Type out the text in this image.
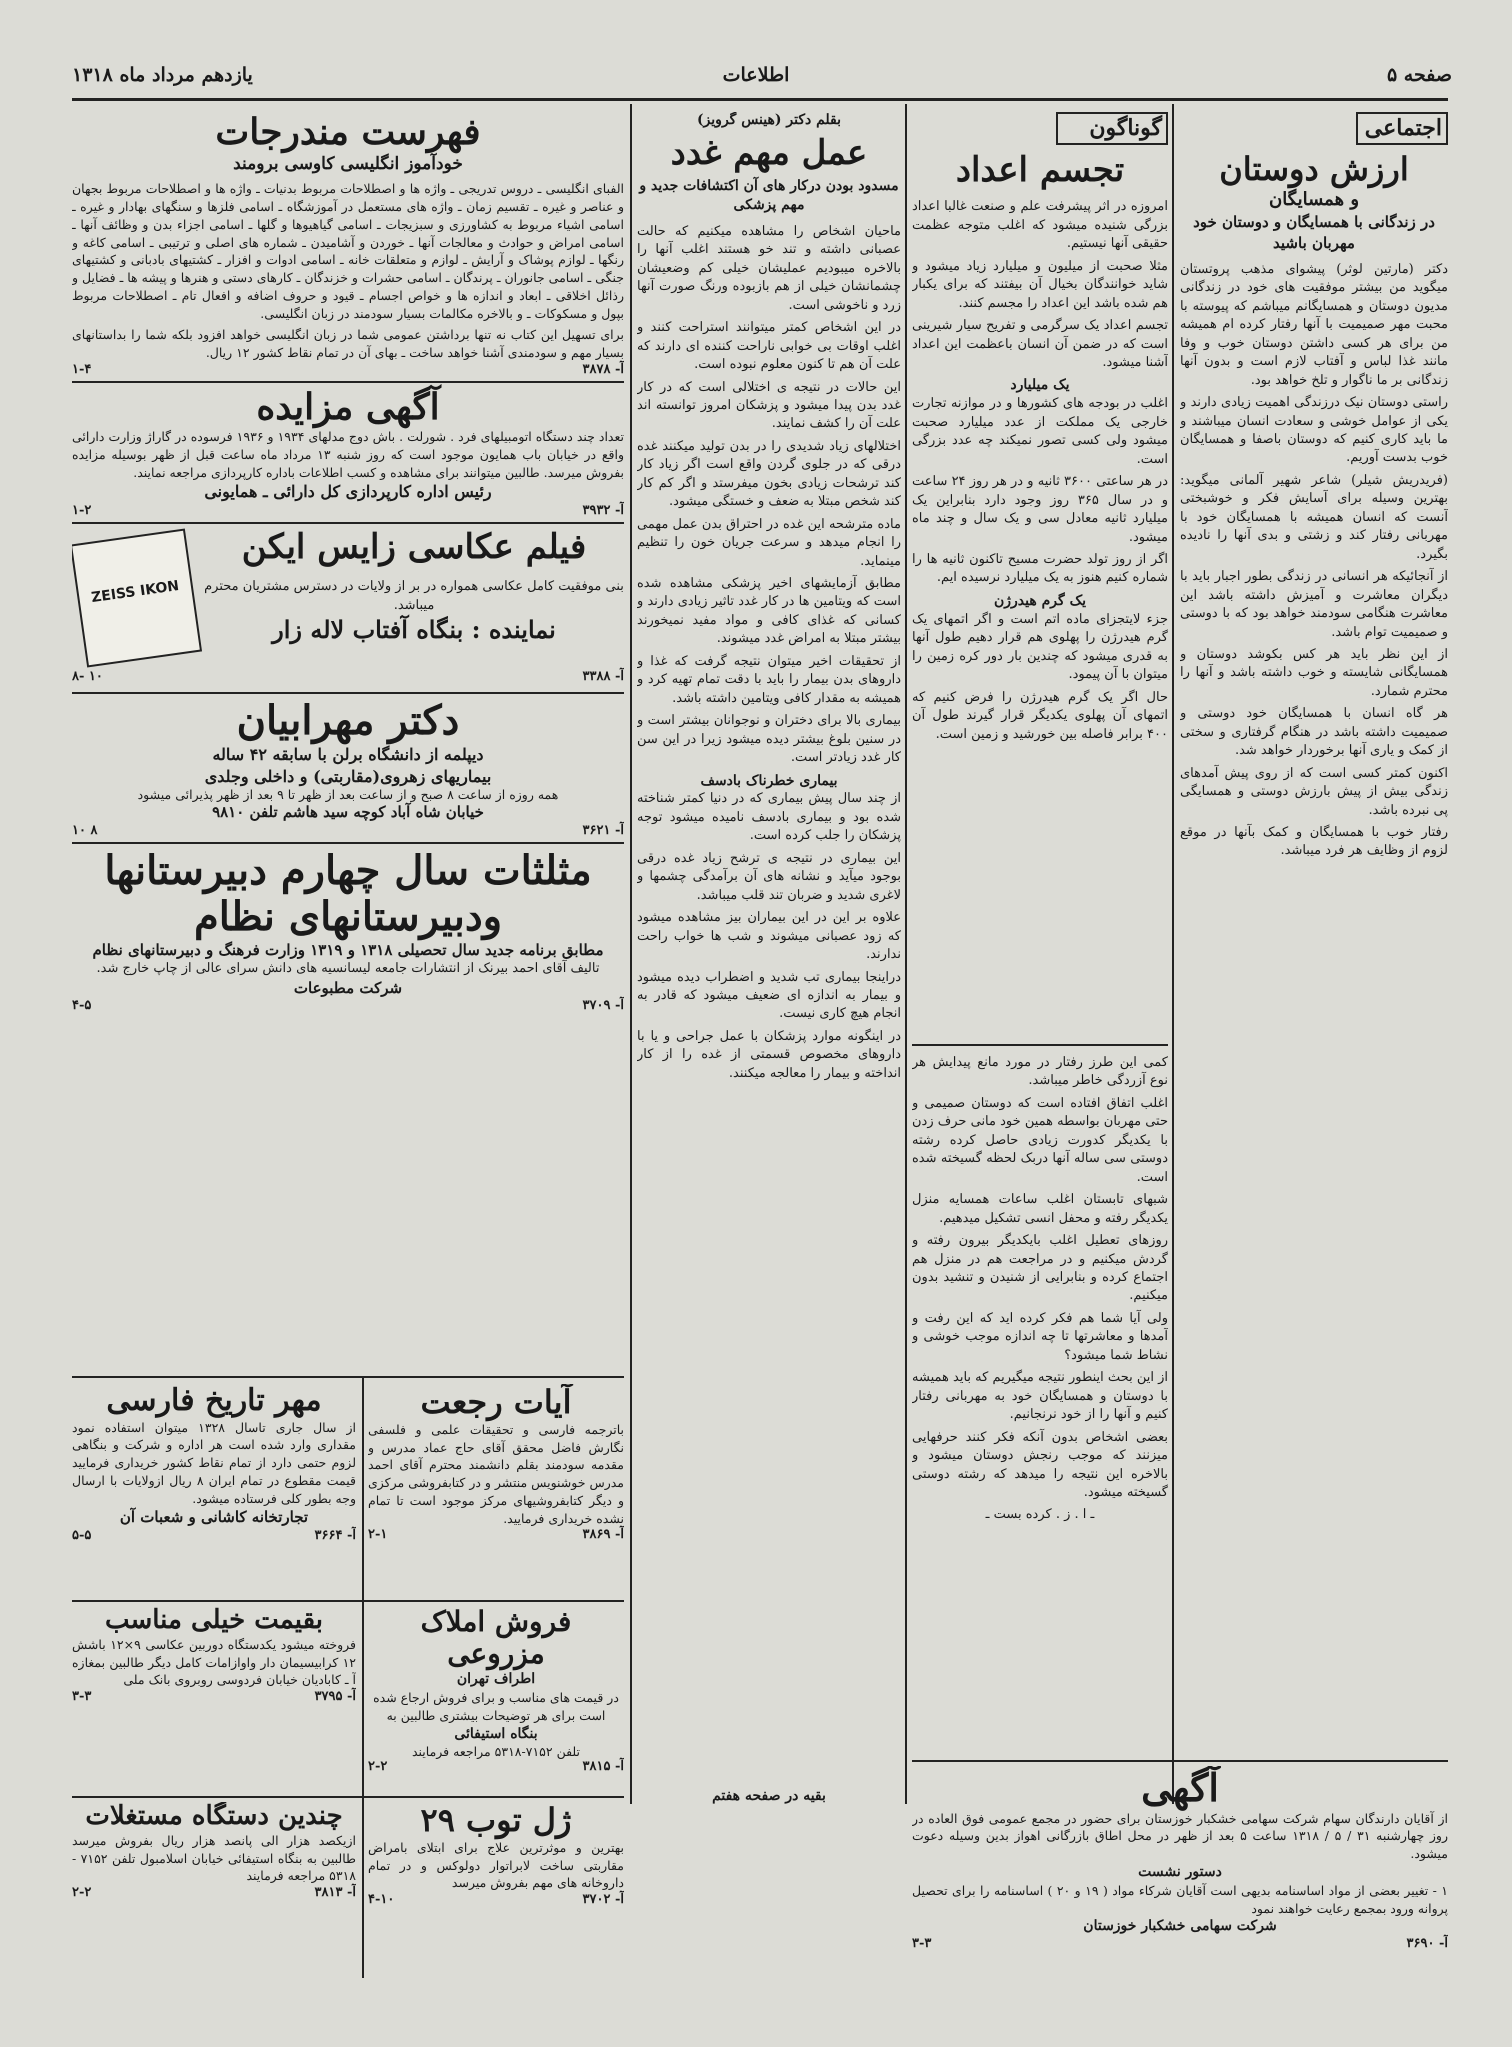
صفحه ۵
اطلاعات
یازدهم مرداد ماه ۱۳۱۸
اجتماعی
ارزش دوستان
و همسایگان
در زندگانی با همسایگان و دوستان خود مهربان باشید

دکتر (مارتین لوثر) پیشوای مذهب پروتستان میگوید من بیشتر موفقیت های خود در زندگانی مدیون دوستان و همسایگانم میباشم که پیوسته با محبت مهر صمیمیت با آنها رفتار کرده ام همیشه من برای هر کسی داشتن دوستان خوب و وفا مانند غذا لباس و آفتاب لازم است و بدون آنها زندگانی بر ما ناگوار و تلخ خواهد بود.

راستی دوستان نیک درزندگی اهمیت زیادی دارند و یکی از عوامل خوشی و سعادت انسان میباشند و ما باید کاری کنیم که دوستان باصفا و همسایگان خوب بدست آوریم.

(فریدریش شیلر) شاعر شهیر آلمانی میگوید: بهترین وسیله برای آسایش فکر و خوشبختی آنست که انسان همیشه با همسایگان خود با مهربانی رفتار کند و زشتی و بدی آنها را نادیده بگیرد.

از آنجائیکه هر انسانی در زندگی بطور اجبار باید با دیگران معاشرت و آمیزش داشته باشد این معاشرت هنگامی سودمند خواهد بود که با دوستی و صمیمیت توام باشد.

از این نظر باید هر کس بکوشد دوستان و همسایگانی شایسته و خوب داشته باشد و آنها را محترم شمارد.

هر گاه انسان با همسایگان خود دوستی و صمیمیت داشته باشد در هنگام گرفتاری و سختی از کمک و یاری آنها برخوردار خواهد شد.

اکنون کمتر کسی است که از روی پیش آمدهای زندگی بیش از پیش بارزش دوستی و همسایگی پی نبرده باشد.

رفتار خوب با همسایگان و کمک بآنها در موقع لزوم از وظایف هر فرد میباشد.

گوناگون
تجسم اعداد

امروزه در اثر پیشرفت علم و صنعت غالبا اعداد بزرگی شنیده میشود که اغلب متوجه عظمت حقیقی آنها نیستیم.

مثلا صحبت از میلیون و میلیارد زیاد میشود و شاید خوانندگان بخیال آن بیفتند که برای یکبار هم شده باشد این اعداد را مجسم کنند.

تجسم اعداد یک سرگرمی و تفریح سیار شیرینی است که در ضمن آن انسان باعظمت این اعداد آشنا میشود.

یک میلیارد

اغلب در بودجه های کشورها و در موازنه تجارت خارجی یک مملکت از عدد میلیارد صحبت میشود ولی کسی تصور نمیکند چه عدد بزرگی است.

در هر ساعتی ۳۶۰۰ ثانیه و در هر روز ۲۴ ساعت و در سال ۳۶۵ روز وجود دارد بنابراین یک میلیارد ثانیه معادل سی و یک سال و چند ماه میشود.

اگر از روز تولد حضرت مسیح تاکنون ثانیه ها را شماره کنیم هنوز به یک میلیارد نرسیده ایم.

یک گرم هیدرژن

جزء لایتجزای ماده اتم است و اگر اتمهای یک گرم هیدرژن را پهلوی هم قرار دهیم طول آنها به قدری میشود که چندین بار دور کره زمین را میتوان با آن پیمود.

حال اگر یک گرم هیدرژن را فرض کنیم که اتمهای آن پهلوی یکدیگر قرار گیرند طول آن ۴۰۰ برابر فاصله بین خورشید و زمین است.

کمی این طرز رفتار در مورد مانع پیدایش هر نوع آزردگی خاطر میباشد.

اغلب اتفاق افتاده است که دوستان صمیمی و حتی مهربان بواسطه همین خود مانی حرف زدن با یکدیگر کدورت زیادی حاصل کرده رشته دوستی سی ساله آنها دربک لحظه گسیخته شده است.

شبهای تابستان اغلب ساعات همسایه منزل یکدیگر رفته و محفل انسی تشکیل میدهیم.

روزهای تعطیل اغلب بایکدیگر بیرون رفته و گردش میکنیم و در مراجعت هم در منزل هم اجتماع کرده و بنابرایی از شنیدن و تنشید بدون میکنیم.

ولی آیا شما هم فکر کرده اید که این رفت و آمدها و معاشرتها تا چه اندازه موجب خوشی و نشاط شما میشود؟

از این بحث اینطور نتیجه میگیریم که باید همیشه با دوستان و همسایگان خود به مهربانی رفتار کنیم و آنها را از خود نرنجانیم.

بعضی اشخاص بدون آنکه فکر کنند حرفهایی میزنند که موجب رنجش دوستان میشود و بالاخره این نتیجه را میدهد که رشته دوستی گسیخته میشود.

ـ ا . ز . کرده بست ـ
بقلم دکتر (هینس گرویز)
عمل مهم غدد
مسدود بودن درکار های آن اکتشافات جدید و مهم پزشکی

ماحیان اشخاص را مشاهده میکنیم که حالت عصبانی داشته و تند خو هستند اغلب آنها را بالاخره میبودیم عملیشان خیلی کم وضعیشان چشمانشان خیلی از هم بازبوده ورنگ صورت آنها زرد و ناخوشی است.

در این اشخاص کمتر میتوانند استراحت کنند و اغلب اوقات بی خوابی ناراحت کننده ای دارند که علت آن هم تا کنون معلوم نبوده است.

این حالات در نتیجه ی اختلالی است که در کار غدد بدن پیدا میشود و پزشکان امروز توانسته اند علت آن را کشف نمایند.

اختلالهای زیاد شدیدی را در بدن تولید میکنند غده درقی که در جلوی گردن واقع است اگر زیاد کار کند ترشحات زیادی بخون میفرستد و اگر کم کار کند شخص مبتلا به ضعف و خستگی میشود.

ماده مترشحه این غده در احتراق بدن عمل مهمی را انجام میدهد و سرعت جریان خون را تنظیم مینماید.

مطابق آزمایشهای اخیر پزشکی مشاهده شده است که ویتامین ها در کار غدد تاثیر زیادی دارند و کسانی که غذای کافی و مواد مفید نمیخورند بیشتر مبتلا به امراض غدد میشوند.

از تحقیقات اخیر میتوان نتیجه گرفت که غذا و داروهای بدن بیمار را باید با دقت تمام تهیه کرد و همیشه به مقدار کافی ویتامین داشته باشد.

بیماری بالا برای دختران و نوجوانان بیشتر است و در سنین بلوغ بیشتر دیده میشود زیرا در این سن کار غدد زیادتر است.

بیماری خطرناک بادسف

از چند سال پیش بیماری که در دنیا کمتر شناخته شده بود و بیماری بادسف نامیده میشود توجه پزشکان را جلب کرده است.

این بیماری در نتیجه ی ترشح زیاد غده درقی بوجود میآید و نشانه های آن برآمدگی چشمها و لاغری شدید و ضربان تند قلب میباشد.

علاوه بر این در این بیماران بیز مشاهده میشود که زود عصبانی میشوند و شب ها خواب راحت ندارند.

دراینجا بیماری تب شدید و اضطراب دیده میشود و بیمار به اندازه ای ضعیف میشود که قادر به انجام هیچ کاری نیست.

در اینگونه موارد پزشکان با عمل جراحی و یا با داروهای مخصوص قسمتی از غده را از کار انداخته و بیمار را معالجه میکنند.

بقیه در صفحه هفتم
فهرست مندرجات
خودآموز انگلیسی کاوسی برومند
الفبای انگلیسی ـ دروس تدریجی ـ واژه ها و اصطلاحات مربوط بدنیات ـ واژه ها و اصطلاحات مربوط بجهان و عناصر و غیره ـ تقسیم زمان ـ واژه های مستعمل در آموزشگاه ـ اسامی فلزها و سنگهای بهادار و غیره ـ اسامی اشیاء مربوط به کشاورزی و سبزیجات ـ اسامی گیاهیوها و گلها ـ اسامی اجزاء بدن و وظائف آنها ـ اسامی امراض و حوادث و معالجات آنها ـ خوردن و آشامیدن ـ شماره های اصلی و ترتیبی ـ اسامی کاغه و رنگها ـ لوازم پوشاک و آرایش ـ لوازم و متعلقات خانه ـ اسامی ادوات و افزار ـ کشتیهای بادبانی و کشتیهای جنگی ـ اسامی جانوران ـ پرندگان ـ اسامی حشرات و خزندگان ـ کارهای دستی و هنرها و پیشه ها ـ فضایل و رذائل اخلاقی ـ ابعاد و اندازه ها و خواص اجسام ـ قیود و حروف اضافه و افعال تام ـ اصطلاحات مربوط بپول و مسکوکات ـ و بالاخره مکالمات بسیار سودمند در زبان انگلیسی.
برای تسهیل این کتاب نه تنها برداشتن عمومی شما در زبان انگلیسی خواهد افزود بلکه شما را بداستانهای بسیار مهم و سودمندی آشنا خواهد ساخت ـ بهای آن در تمام نقاط کشور ۱۲ ریال.
۱-۴	آ- ۳۸۷۸
آگهی مزایده
تعداد چند دستگاه اتومبیلهای فرد . شورلت . باش دوج مدلهای ۱۹۳۴ و ۱۹۳۶ فرسوده در گاراژ وزارت دارائی واقع در خیابان باب همایون موجود است که روز شنبه ۱۳ مرداد ماه ساعت قبل از ظهر بوسیله مزایده بفروش میرسد. طالبین میتوانند برای مشاهده و کسب اطلاعات باداره کارپردازی مراجعه نمایند.
رئیس اداره کارپردازی کل دارائی ـ همایونی
۱-۲	آ- ۳۹۳۲
ZEISS IKON
فیلم عکاسی زایس ایکن
بنی موفقیت کامل عکاسی همواره در بر از ولایات در دسترس مشتریان محترم میباشد.
نماینده : بنگاه آفتاب لاله زار
۸- ۱۰	آ- ۳۳۸۸
دکتر مهرابیان
دیپلمه از دانشگاه برلن با سابقه ۴۲ ساله
بیماریهای زهروی(مقاربتی) و داخلی وجلدی
همه روزه از ساعت ۸ صبح و از ساعت بعد از ظهر تا ۹ بعد از ظهر پذیرائی میشود
خیابان شاه آباد کوچه سید هاشم تلفن ۹۸۱۰
۱۰ ۸	آ- ۳۶۲۱
مثلثات سال چهارم دبیرستانها
ودبیرستانهای نظام
مطابق برنامه جدید سال تحصیلی ۱۳۱۸ و ۱۳۱۹ وزارت فرهنگ و دبیرستانهای نظام
تالیف آقای احمد بیرنک از انتشارات جامعه لیسانسیه های دانش سرای عالی از چاپ خارج شد.
شرکت مطبوعات
۴-۵	آ- ۳۷۰۹
آیات رجعت
باترجمه فارسی و تحقیقات علمی و فلسفی نگارش فاضل محقق آقای حاج عماد مدرس و مقدمه سودمند بقلم دانشمند محترم آقای احمد مدرس خوشنویس منتشر و در کتابفروشی مرکزی و دیگر کتابفروشیهای مرکز موجود است تا تمام نشده خریداری فرمایید.
۲-۱	آ- ۳۸۶۹
مهر تاریخ فارسی
از سال جاری تاسال ۱۳۲۸ میتوان استفاده نمود مقداری وارد شده است هر اداره و شرکت و بنگاهی لزوم حتمی دارد از تمام نقاط کشور خریداری فرمایید قیمت مقطوع در تمام ایران ۸ ریال ازولایات با ارسال وجه بطور کلی فرستاده میشود.
تجارتخانه کاشانی و شعبات آن
۵-۵	آ- ۳۶۶۴
بقیمت خیلی مناسب
فروخته میشود یکدستگاه دوربین عکاسی ۹×۱۲ باشش ۱۲ کرابیسیمان دار واوازامات کامل دیگر طالبین بمغازه آ ـ کابادیان خیابان فردوسی روبروی بانک ملی
۳-۳	آ- ۳۷۹۵
فروش املاک مزروعی
اطراف تهران
در قیمت های مناسب و برای فروش ارجاع شده است برای هر توضیحات بیشتری طالبین به
بنگاه استیفائی
تلفن ۷۱۵۲-۵۳۱۸ مراجعه فرمایند
۲-۲	آ- ۳۸۱۵
چندین دستگاه مستغلات
ازیکصد هزار الی پانصد هزار ریال بفروش میرسد طالبین به بنگاه استیفائی خیابان اسلامبول تلفن ۷۱۵۲ - ۵۳۱۸ مراجعه فرمایند
۲-۲	آ- ۳۸۱۳
ژل توب ۲۹
بهترین و موثرترین علاج برای ابتلای بامراض مقاربتی ساخت لابراتوار دولوکس و در تمام داروخانه های مهم بفروش میرسد
۴-۱۰	آ- ۳۷۰۲
آگهی
از آقایان دارندگان سهام شرکت سهامی خشکبار خوزستان برای حضور در مجمع عمومی فوق العاده در روز چهارشنبه ۳۱ / ۵ / ۱۳۱۸ ساعت ۵ بعد از ظهر در محل اطاق بازرگانی اهواز بدین وسیله دعوت میشود.
دستور نشست
۱ - تغییر بعضی از مواد اساسنامه بدیهی است آقایان شرکاء مواد ( ۱۹ و ۲۰ ) اساسنامه را برای تحصیل پروانه ورود بمجمع رعایت خواهند نمود
شرکت سهامی خشکبار خوزستان
۳-۳	آ- ۳۶۹۰
